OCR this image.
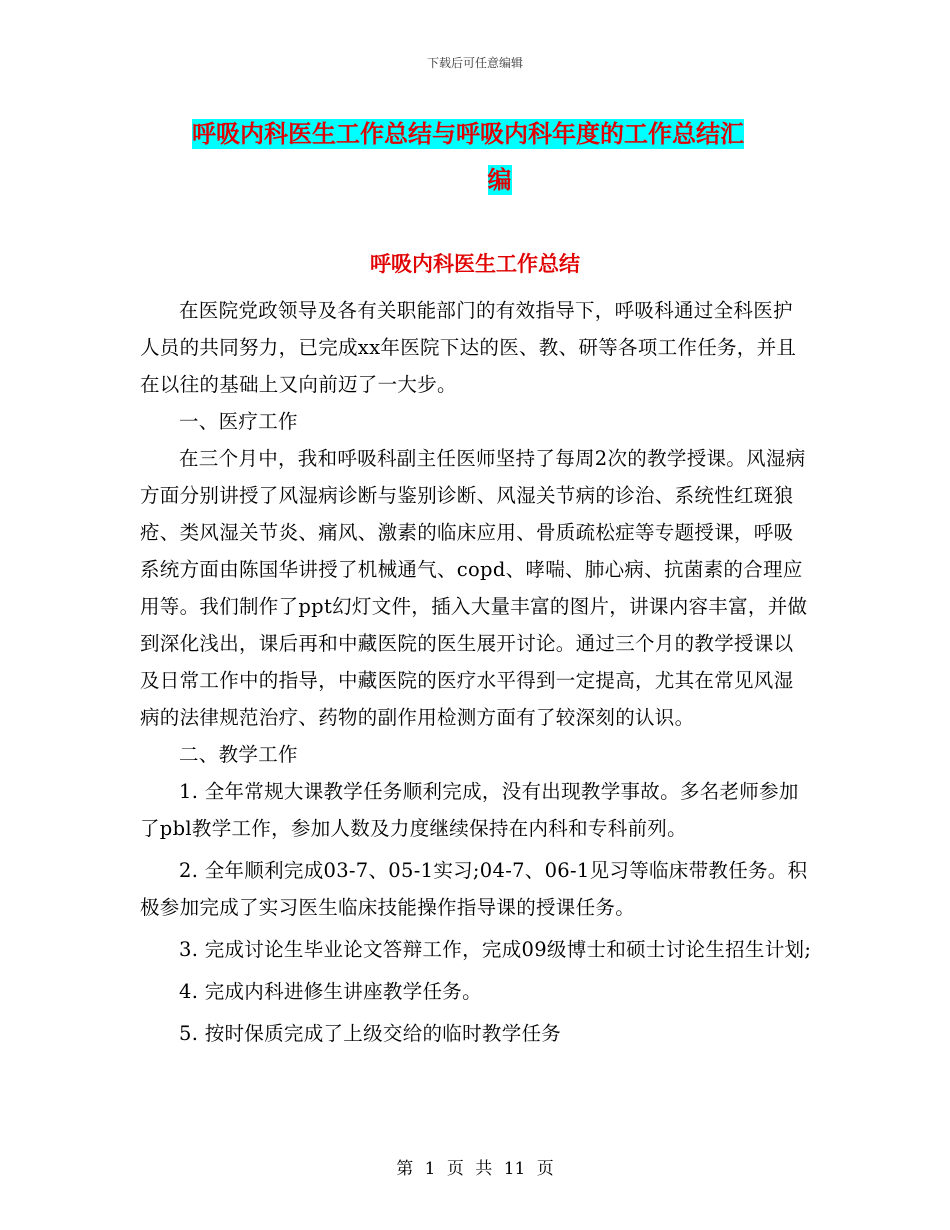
下载后可任意编辑
呼吸内科医生工作总结与呼吸内科年度的工作总结汇
编
呼吸内科医生工作总结

在医院党政领导及各有关职能部门的有效指导下，呼吸科通过全科医护人员的共同努力，已完成xx年医院下达的医、教、研等各项工作任务，并且在以往的基础上又向前迈了一大步。

一、医疗工作

在三个月中，我和呼吸科副主任医师坚持了每周2次的教学授课。风湿病方面分别讲授了风湿病诊断与鉴别诊断、风湿关节病的诊治、系统性红斑狼疮、类风湿关节炎、痛风、激素的临床应用、骨质疏松症等专题授课，呼吸系统方面由陈国华讲授了机械通气、copd、哮喘、肺心病、抗菌素的合理应用等。我们制作了ppt幻灯文件，插入大量丰富的图片，讲课内容丰富，并做到深化浅出，课后再和中藏医院的医生展开讨论。通过三个月的教学授课以及日常工作中的指导，中藏医院的医疗水平得到一定提高，尤其在常见风湿病的法律规范治疗、药物的副作用检测方面有了较深刻的认识。

二、教学工作

1. 全年常规大课教学任务顺利完成，没有出现教学事故。多名老师参加了pbl教学工作，参加人数及力度继续保持在内科和专科前列。

2. 全年顺利完成03-7、05-1实习;04-7、06-1见习等临床带教任务。积极参加完成了实习医生临床技能操作指导课的授课任务。

3. 完成讨论生毕业论文答辩工作，完成09级博士和硕士讨论生招生计划;

4. 完成内科进修生讲座教学任务。

5. 按时保质完成了上级交给的临时教学任务

第 1 页 共 11 页
